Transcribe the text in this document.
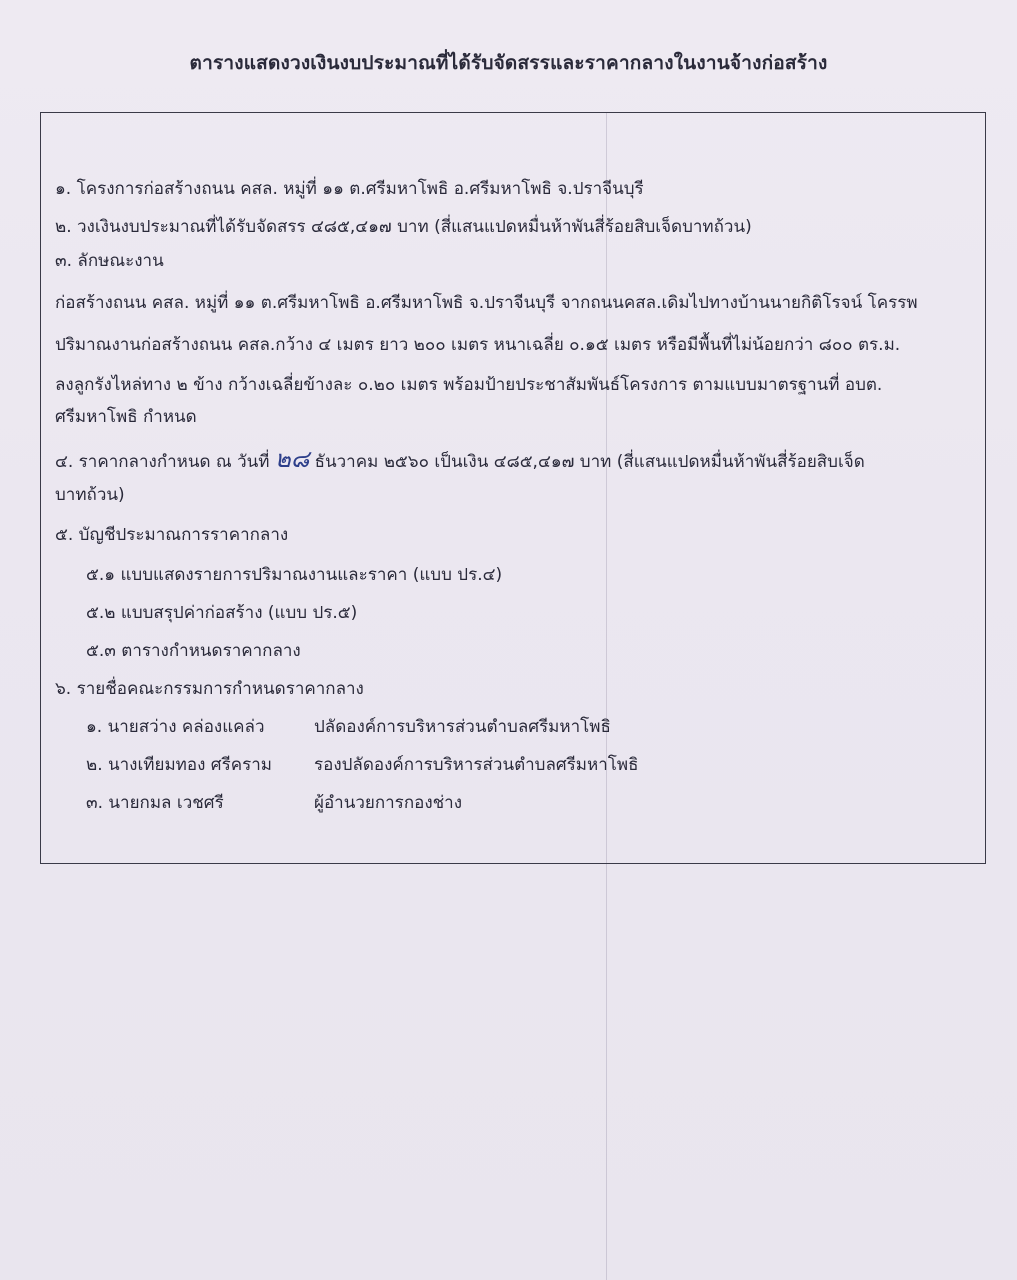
ตารางแสดงวงเงินงบประมาณที่ได้รับจัดสรรและราคากลางในงานจ้างก่อสร้าง
๑. โครงการก่อสร้างถนน คสล. หมู่ที่ ๑๑ ต.ศรีมหาโพธิ อ.ศรีมหาโพธิ จ.ปราจีนบุรี
๒. วงเงินงบประมาณที่ได้รับจัดสรร ๔๘๕,๔๑๗ บาท (สี่แสนแปดหมื่นห้าพันสี่ร้อยสิบเจ็ดบาทถ้วน)
๓. ลักษณะงาน
ก่อสร้างถนน คสล. หมู่ที่ ๑๑ ต.ศรีมหาโพธิ อ.ศรีมหาโพธิ จ.ปราจีนบุรี จากถนนคสล.เดิมไปทางบ้านนายกิติโรจน์ โครรพ
ปริมาณงานก่อสร้างถนน คสล.กว้าง ๔ เมตร ยาว ๒๐๐ เมตร หนาเฉลี่ย ๐.๑๕ เมตร หรือมีพื้นที่ไม่น้อยกว่า ๘๐๐ ตร.ม.
ลงลูกรังไหล่ทาง ๒ ข้าง กว้างเฉลี่ยข้างละ ๐.๒๐ เมตร พร้อมป้ายประชาสัมพันธ์โครงการ ตามแบบมาตรฐานที่ อบต.
ศรีมหาโพธิ กำหนด
๔. ราคากลางกำหนด ณ วันที่ ๒๘ ธันวาคม ๒๕๖๐ เป็นเงิน ๔๘๕,๔๑๗ บาท (สี่แสนแปดหมื่นห้าพันสี่ร้อยสิบเจ็ด
บาทถ้วน)
๕. บัญชีประมาณการราคากลาง
๕.๑ แบบแสดงรายการปริมาณงานและราคา (แบบ ปร.๔)
๕.๒ แบบสรุปค่าก่อสร้าง (แบบ ปร.๕)
๕.๓ ตารางกำหนดราคากลาง
๖. รายชื่อคณะกรรมการกำหนดราคากลาง
๑. นายสว่าง คล่องแคล่ว	ปลัดองค์การบริหารส่วนตำบลศรีมหาโพธิ
๒. นางเทียมทอง ศรีคราม รองปลัดองค์การบริหารส่วนตำบลศรีมหาโพธิ
๓. นายกมล เวชศรี	ผู้อำนวยการกองช่าง
